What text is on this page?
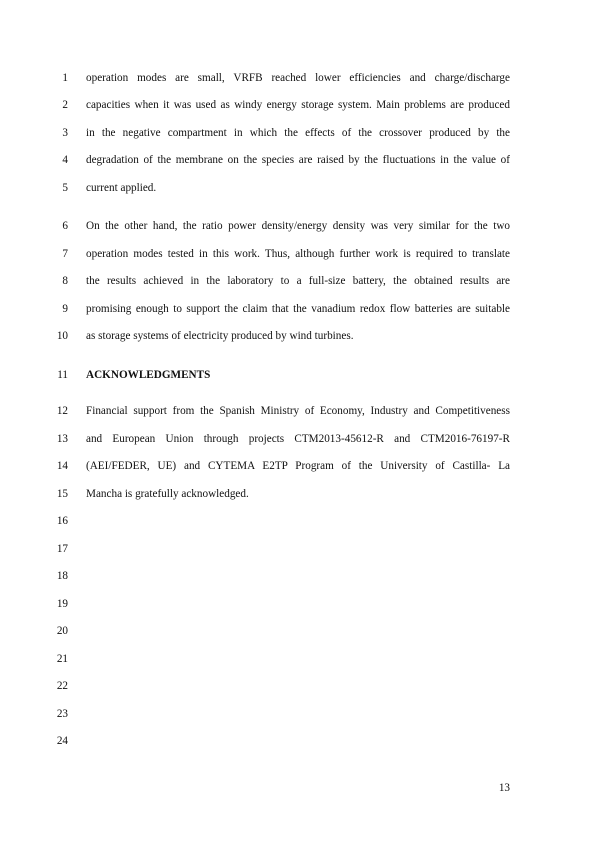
1 operation modes are small, VRFB reached lower efficiencies and charge/discharge
2 capacities when it was used as windy energy storage system. Main problems are produced
3 in the negative compartment in which the effects of the crossover produced by the
4 degradation of the membrane on the species are raised by the fluctuations in the value of
5 current applied.
6 On the other hand, the ratio power density/energy density was very similar for the two
7 operation modes tested in this work. Thus, although further work is required to translate
8 the results achieved in the laboratory to a full-size battery, the obtained results are
9 promising enough to support the claim that the vanadium redox flow batteries are suitable
10 as storage systems of electricity produced by wind turbines.
11 ACKNOWLEDGMENTS
12 Financial support from the Spanish Ministry of Economy, Industry and Competitiveness
13 and European Union through projects CTM2013-45612-R and CTM2016-76197-R
14 (AEI/FEDER, UE) and CYTEMA E2TP Program of the University of Castilla- La
15 Mancha is gratefully acknowledged.
16
17
18
19
20
21
22
23
24
13
